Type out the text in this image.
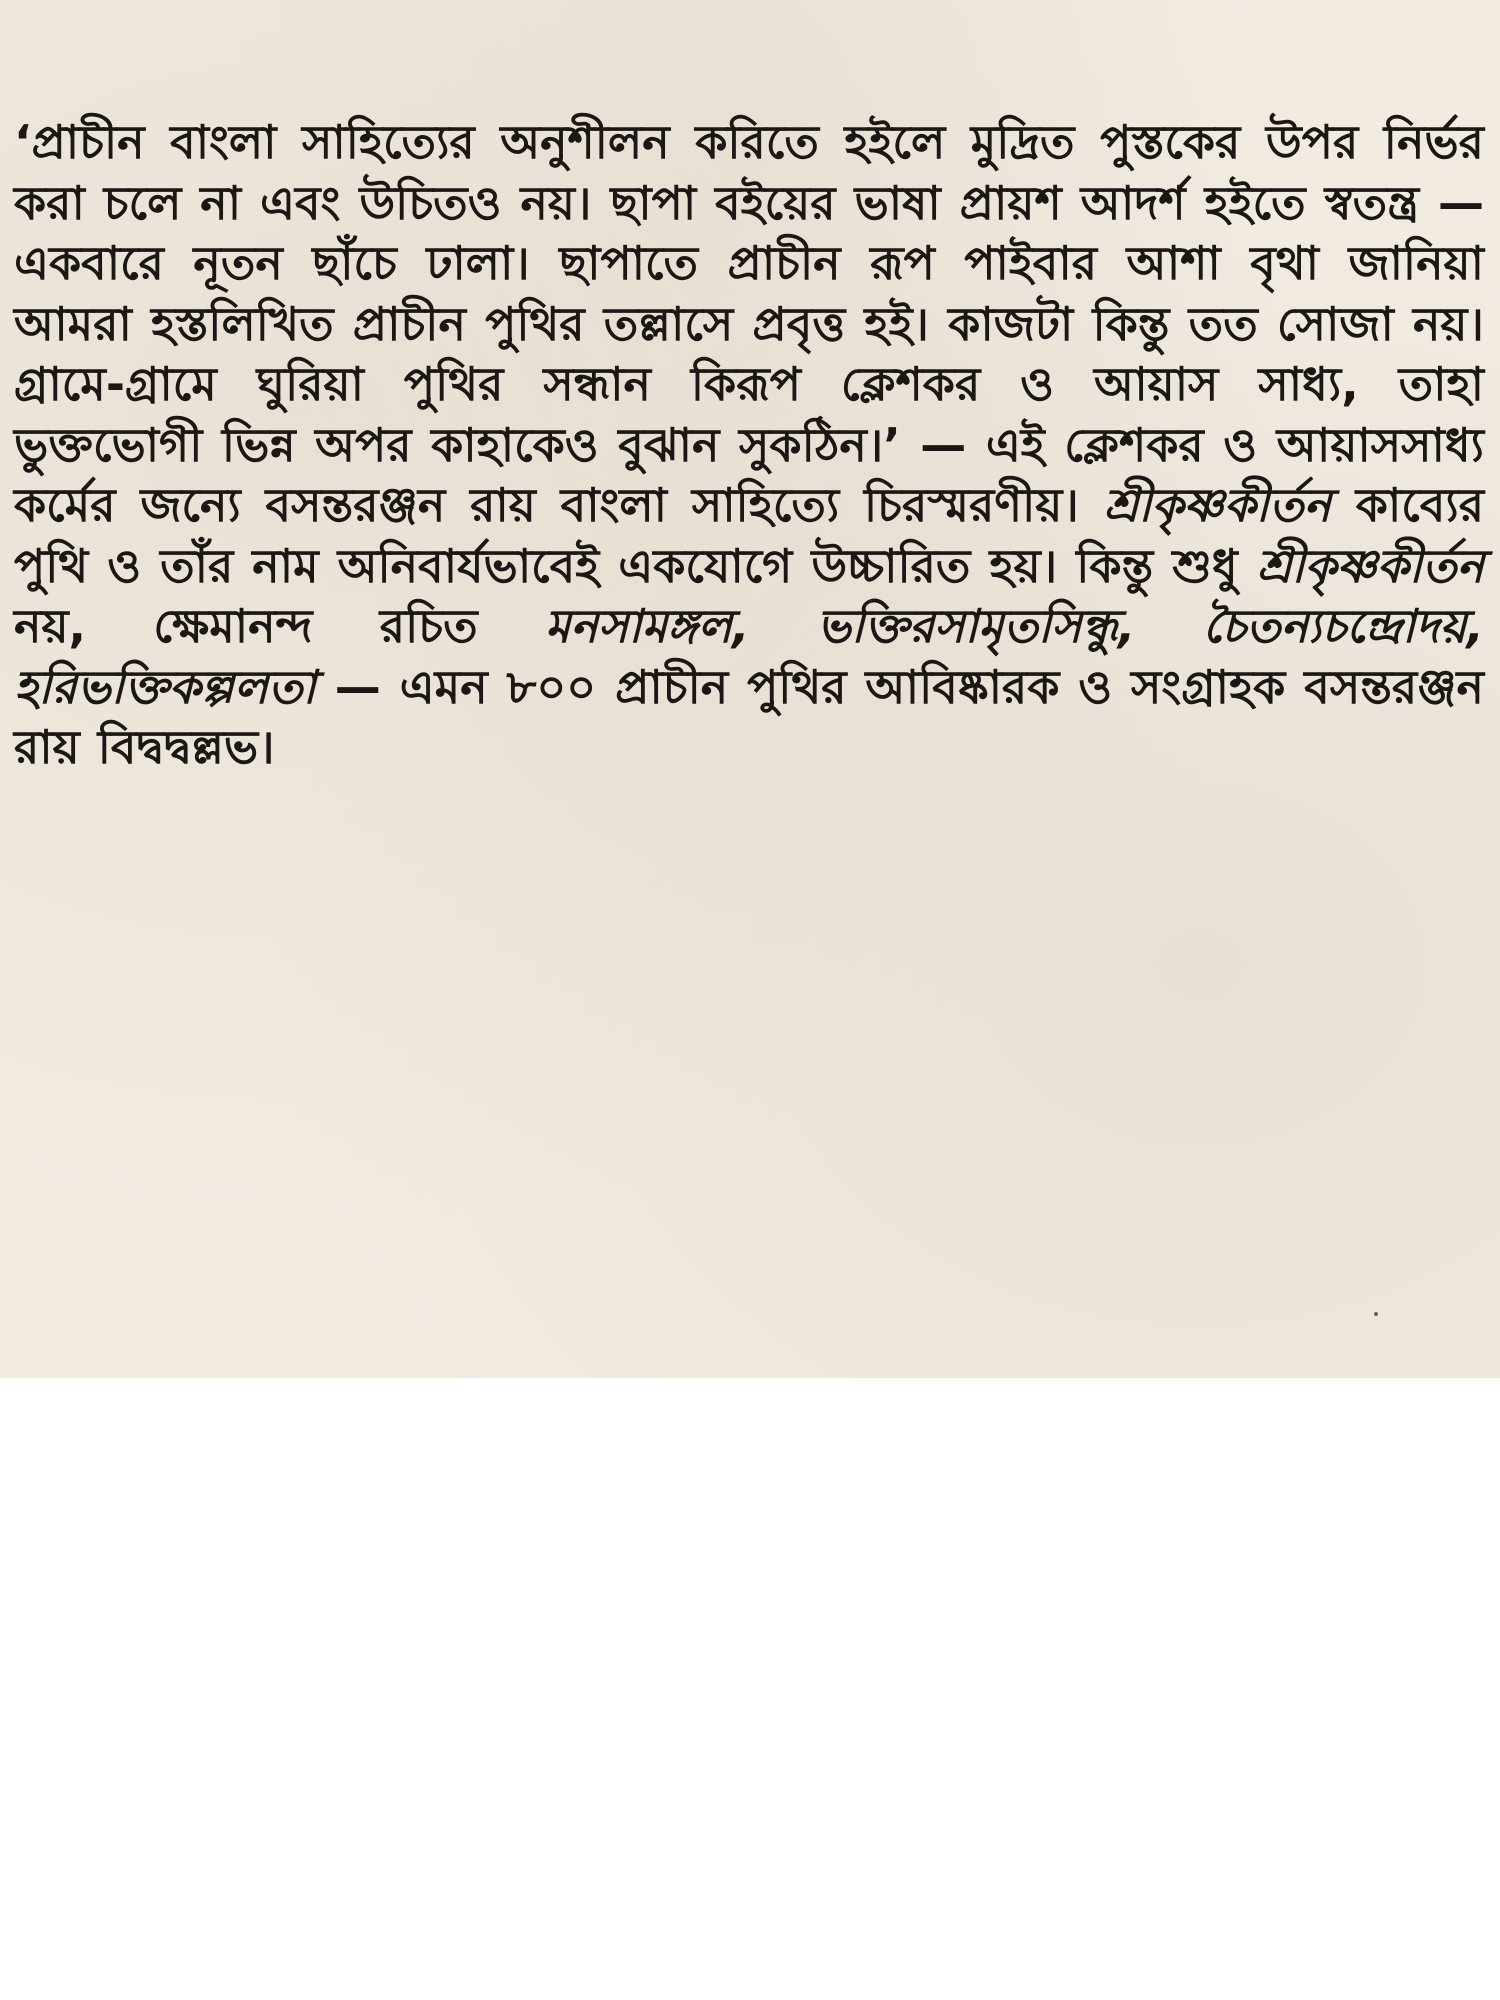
‘প্রাচীন বাংলা সাহিত্যের অনুশীলন করিতে হইলে মুদ্রিত পুস্তকের উপর নির্ভর করা চলে না এবং উচিতও নয়। ছাপা বইয়ের ভাষা প্রায়শ আদর্শ হইতে স্বতন্ত্র — একবারে নূতন ছাঁচে ঢালা। ছাপাতে প্রাচীন রূপ পাইবার আশা বৃথা জানিয়া আমরা হস্তলিখিত প্রাচীন পুথির তল্লাসে প্রবৃত্ত হই। কাজটা কিন্তু তত সোজা নয়। গ্রামে-গ্রামে ঘুরিয়া পুথির সন্ধান কিরূপ ক্লেশকর ও আয়াস সাধ্য, তাহা ভুক্তভোগী ভিন্ন অপর কাহাকেও বুঝান সুকঠিন।’ — এই ক্লেশকর ও আয়াসসাধ্য কর্মের জন্যে বসন্তরঞ্জন রায় বাংলা সাহিত্যে চিরস্মরণীয়। শ্রীকৃষ্ণকীর্তন কাব্যের পুথি ও তাঁর নাম অনিবার্যভাবেই একযোগে উচ্চারিত হয়। কিন্তু শুধু শ্রীকৃষ্ণকীর্তন নয়, ক্ষেমানন্দ রচিত মনসামঙ্গল, ভক্তিরসামৃতসিন্ধু, চৈতন্যচন্দ্রোদয়, হরিভক্তিকল্পলতা — এমন ৮০০ প্রাচীন পুথির আবিষ্কারক ও সংগ্রাহক বসন্তরঞ্জন রায় বিদ্বদ্বল্লভ।
